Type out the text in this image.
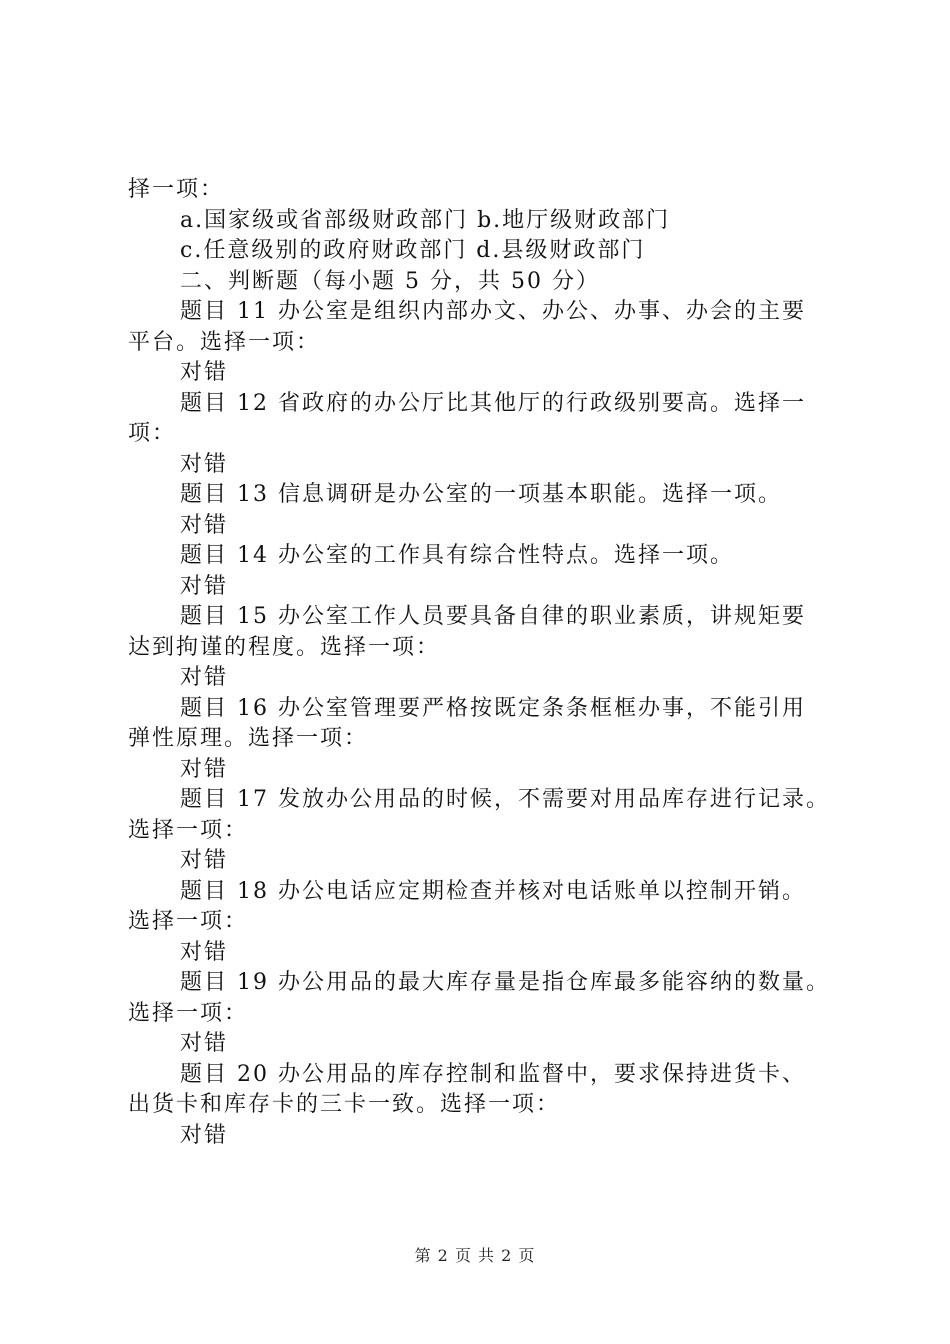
择一项：
a.国家级或省部级财政部门 b.地厅级财政部门
c.任意级别的政府财政部门 d.县级财政部门
二、判断题（每小题 5 分，共 50 分）
题目 11 办公室是组织内部办文、办公、办事、办会的主要
平台。选择一项：
对错
题目 12 省政府的办公厅比其他厅的行政级别要高。选择一
项：
对错
题目 13 信息调研是办公室的一项基本职能。选择一项。
对错
题目 14 办公室的工作具有综合性特点。选择一项。
对错
题目 15 办公室工作人员要具备自律的职业素质，讲规矩要
达到拘谨的程度。选择一项：
对错
题目 16 办公室管理要严格按既定条条框框办事，不能引用
弹性原理。选择一项：
对错
题目 17 发放办公用品的时候，不需要对用品库存进行记录。
选择一项：
对错
题目 18 办公电话应定期检查并核对电话账单以控制开销。
选择一项：
对错
题目 19 办公用品的最大库存量是指仓库最多能容纳的数量。
选择一项：
对错
题目 20 办公用品的库存控制和监督中，要求保持进货卡、
出货卡和库存卡的三卡一致。选择一项：
对错
第 2 页 共 2 页
